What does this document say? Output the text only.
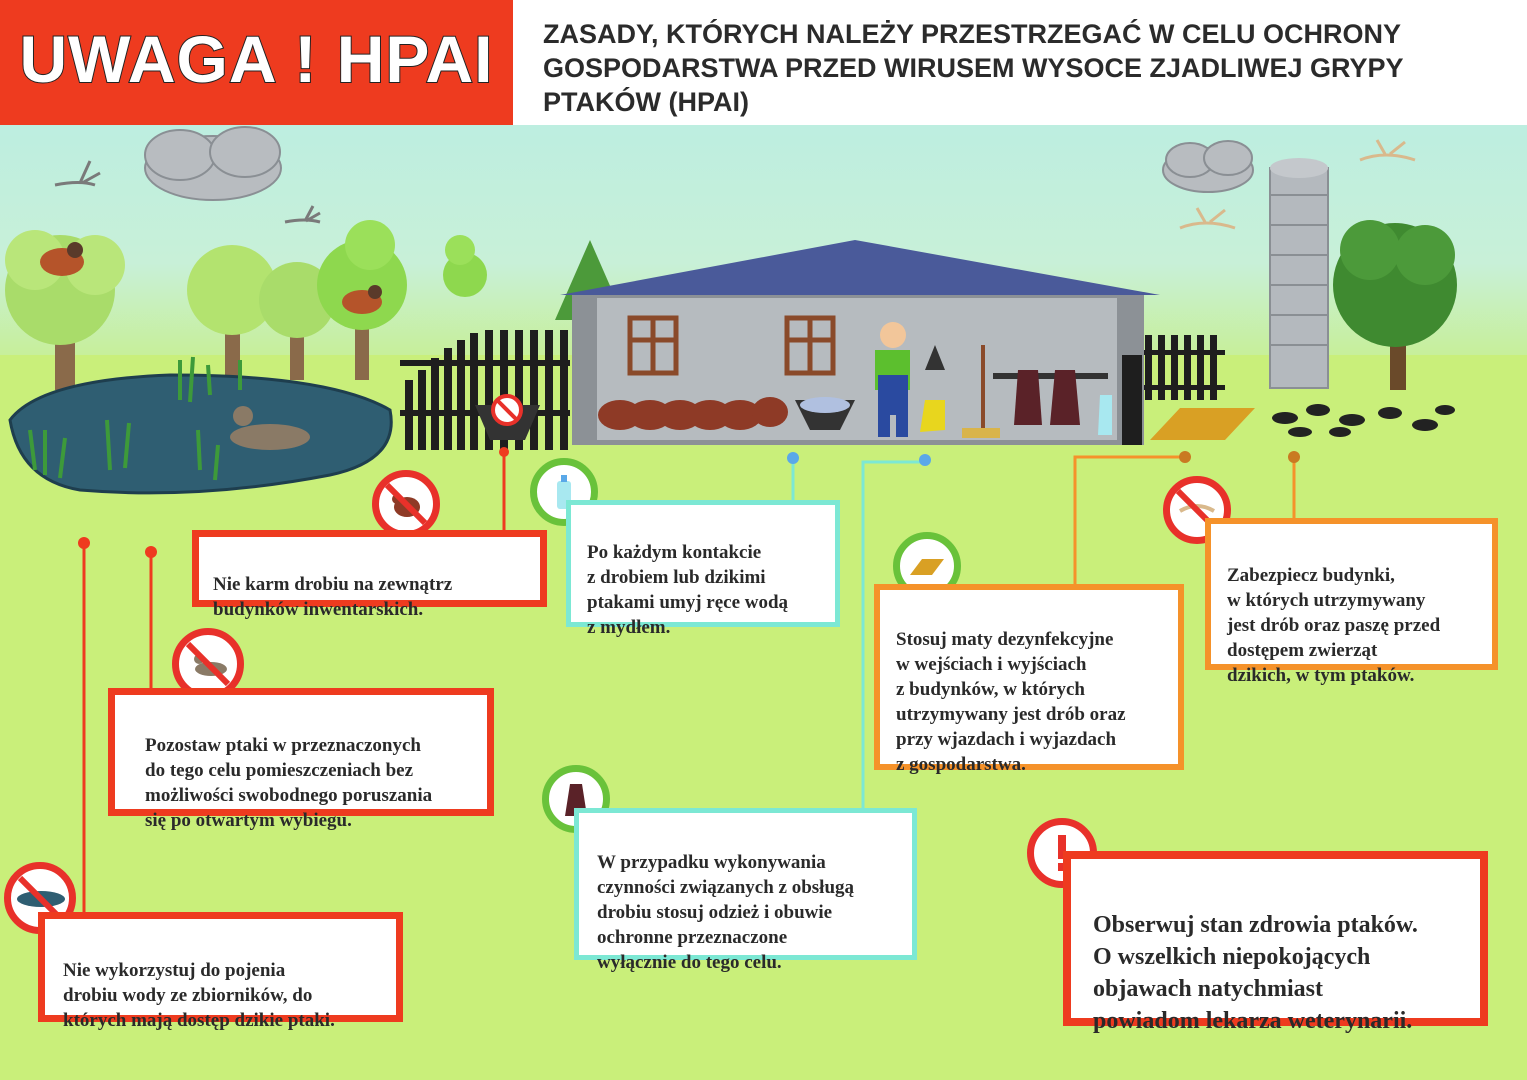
UWAGA ! HPAI	ZASADY, KTÓRYCH NALEŻY PRZESTRZEGAĆ W CELU OCHRONY GOSPODARSTWA PRZED WIRUSEM WYSOCE ZJADLIWEJ GRYPY PTAKÓW (HPAI)

Nie karm drobiu na zewnątrz
budynków inwentarskich.

Pozostaw ptaki w przeznaczonych
do tego celu pomieszczeniach bez
możliwości swobodnego poruszania
się po otwartym wybiegu.

Nie wykorzystuj do pojenia
drobiu wody ze zbiorników, do
których mają dostęp dzikie ptaki.

Po każdym kontakcie
z drobiem lub dzikimi
ptakami umyj ręce wodą
z mydłem.

W przypadku wykonywania
czynności związanych z obsługą
drobiu stosuj odzież i obuwie
ochronne przeznaczone
wyłącznie do tego celu.

Stosuj maty dezynfekcyjne
w wejściach i wyjściach
z budynków, w których
utrzymywany jest drób oraz
przy wjazdach i wyjazdach
z gospodarstwa.

Zabezpiecz budynki,
w których utrzymywany
jest drób oraz paszę przed
dostępem zwierząt
dzikich, w tym ptaków.

Obserwuj stan zdrowia ptaków.
O wszelkich niepokojących
objawach natychmiast
powiadom lekarza weterynarii.
